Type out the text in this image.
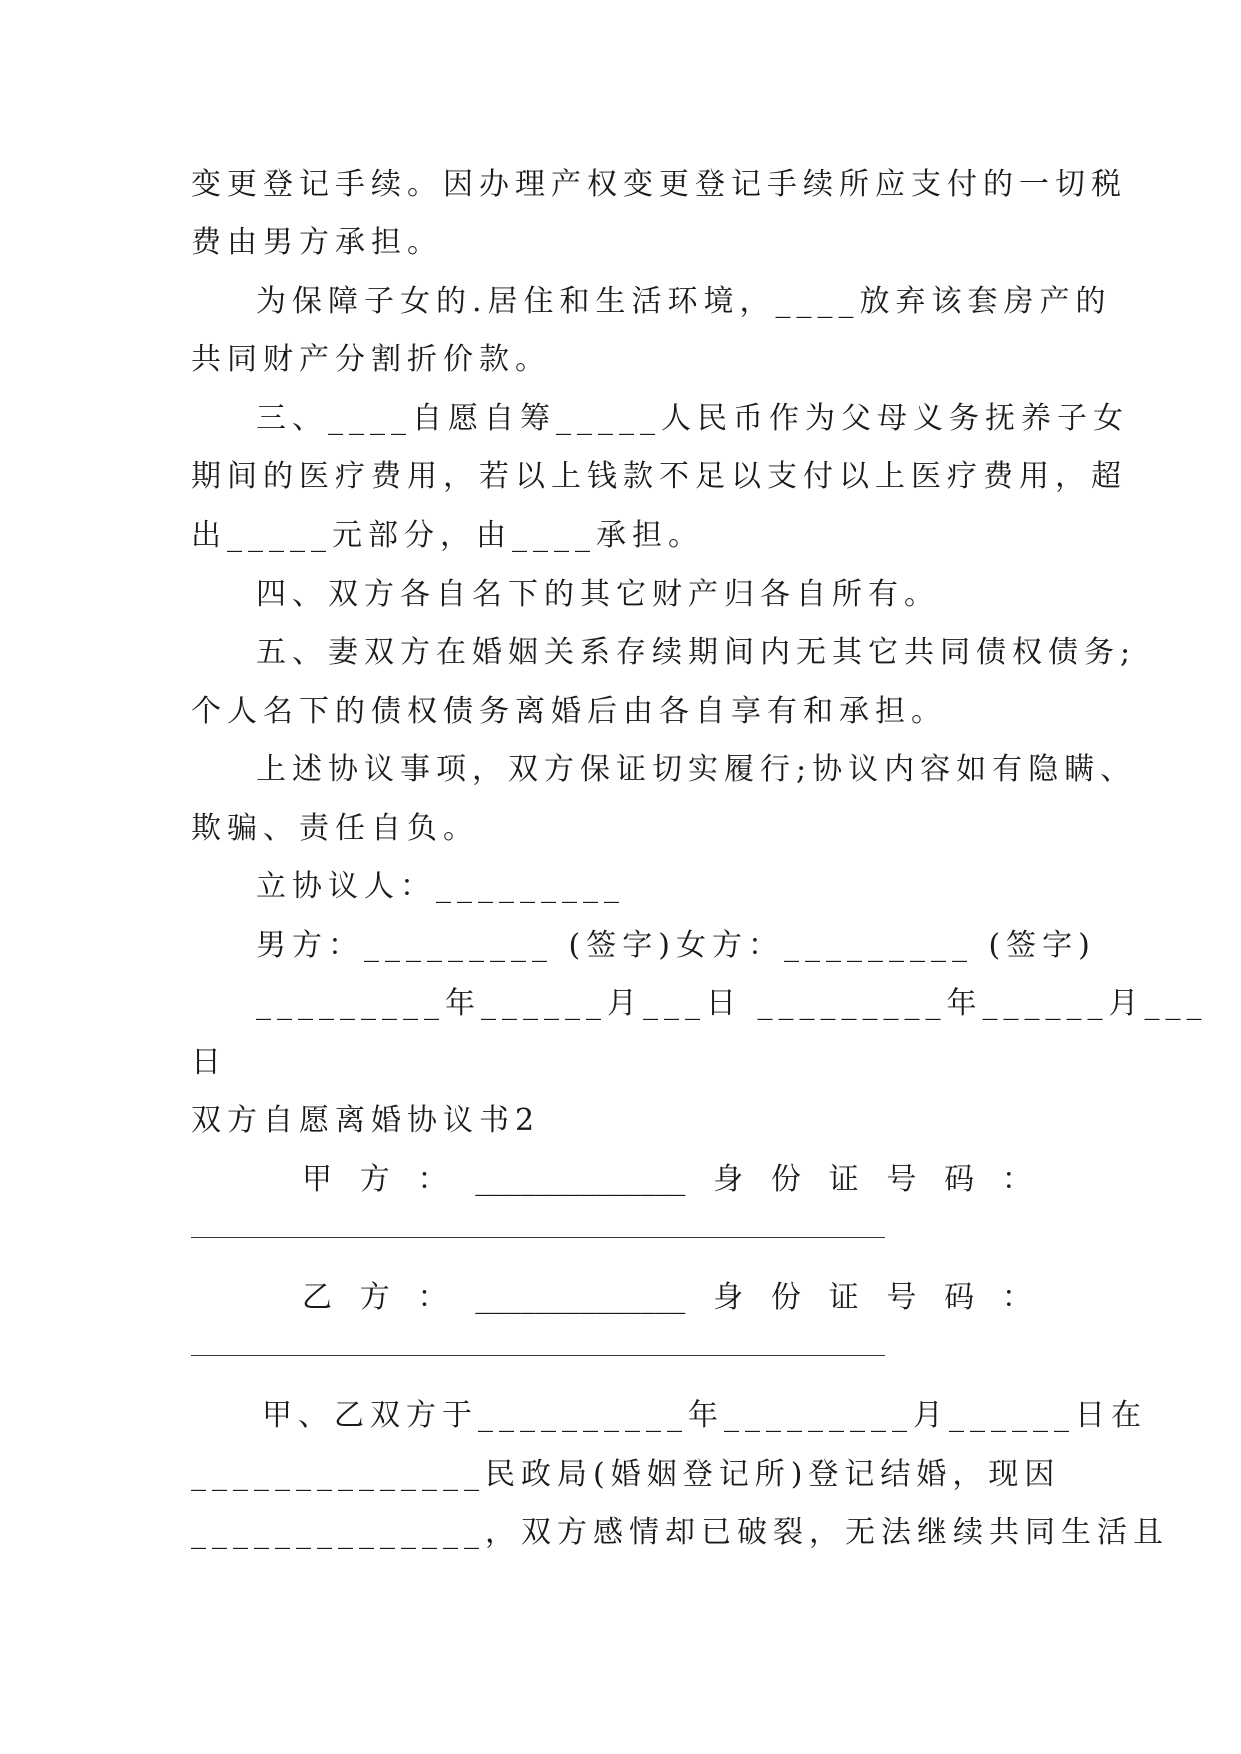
变更登记手续。因办理产权变更登记手续所应支付的一切税
费由男方承担。
为保障子女的.居住和生活环境，____放弃该套房产的
共同财产分割折价款。
三、____自愿自筹_____人民币作为父母义务抚养子女
期间的医疗费用，若以上钱款不足以支付以上医疗费用，超
出_____元部分，由____承担。
四、双方各自名下的其它财产归各自所有。
五、妻双方在婚姻关系存续期间内无其它共同债权债务;
个人名下的债权债务离婚后由各自享有和承担。
上述协议事项，双方保证切实履行;协议内容如有隐瞒、
欺骗、责任自负。
立协议人：_________
男方：_________ (签字)女方：_________ (签字)
_________年______月___日 _________年______月___
日
双方自愿离婚协议书2
甲 方 ： ______________ 身 份 证 号 码 ：
乙 方 ： ______________ 身 份 证 号 码 ：
甲、乙双方于__________年_________月______日在
______________民政局(婚姻登记所)登记结婚，现因
______________，双方感情却已破裂，无法继续共同生活且
